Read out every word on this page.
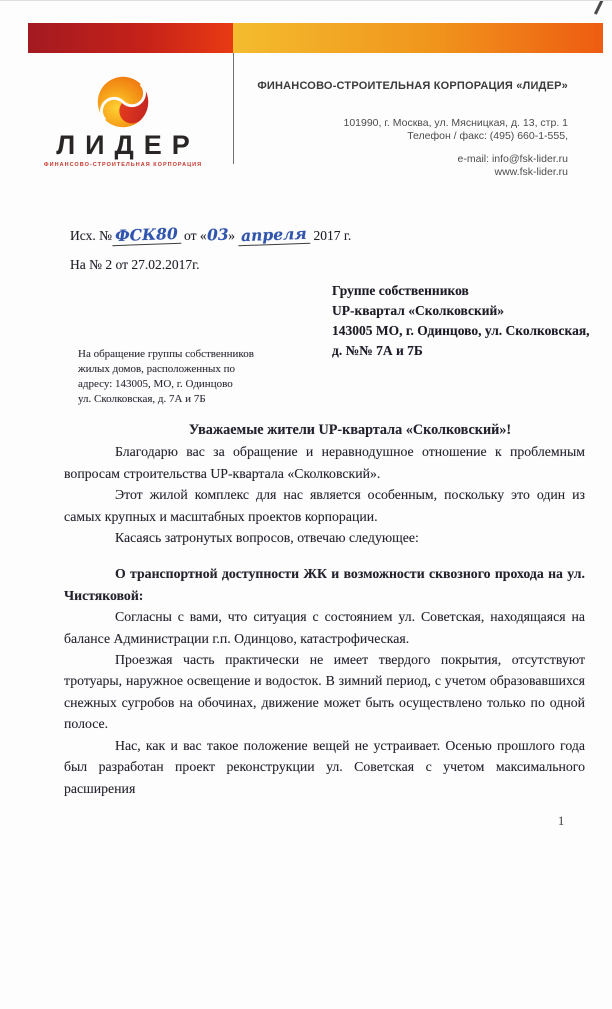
ЛИДЕР
ФИНАНСОВО-СТРОИТЕЛЬНАЯ КОРПОРАЦИЯ
ФИНАНСОВО-СТРОИТЕЛЬНАЯ КОРПОРАЦИЯ «ЛИДЕР»
101990, г. Москва, ул. Мясницкая, д. 13, стр. 1
Телефон / факс: (495) 660-1-555,
e-mail: info@fsk-lider.ru
www.fsk-lider.ru
Исх. № ФСК80 от «03» апреля 2017 г.
На № 2 от 27.02.2017г.
Группе собственников
UP-квартал «Сколковский»
143005 МО, г. Одинцово, ул. Сколковская,
д. №№ 7А и 7Б
На обращение группы собственников
жилых домов, расположенных по
адресу: 143005, МО, г. Одинцово
ул. Сколковская, д. 7А и 7Б

Уважаемые жители UP-квартала «Сколковский»!

Благодарю вас за обращение и неравнодушное отношение к проблемным вопросам строительства UP-квартала «Сколковский».

Этот жилой комплекс для нас является особенным, поскольку это один из самых крупных и масштабных проектов корпорации.

Касаясь затронутых вопросов, отвечаю следующее:

О транспортной доступности ЖК и возможности сквозного прохода на ул. Чистяковой:

Согласны с вами, что ситуация с состоянием ул. Советская, находящаяся на балансе Администрации г.п. Одинцово, катастрофическая.

Проезжая часть практически не имеет твердого покрытия, отсутствуют тротуары, наружное освещение и водосток. В зимний период, с учетом образовавшихся снежных сугробов на обочинах, движение может быть осуществлено только по одной полосе.

Нас, как и вас такое положение вещей не устраивает. Осенью прошлого года был разработан проект реконструкции ул. Советская с учетом максимального расширения

1
